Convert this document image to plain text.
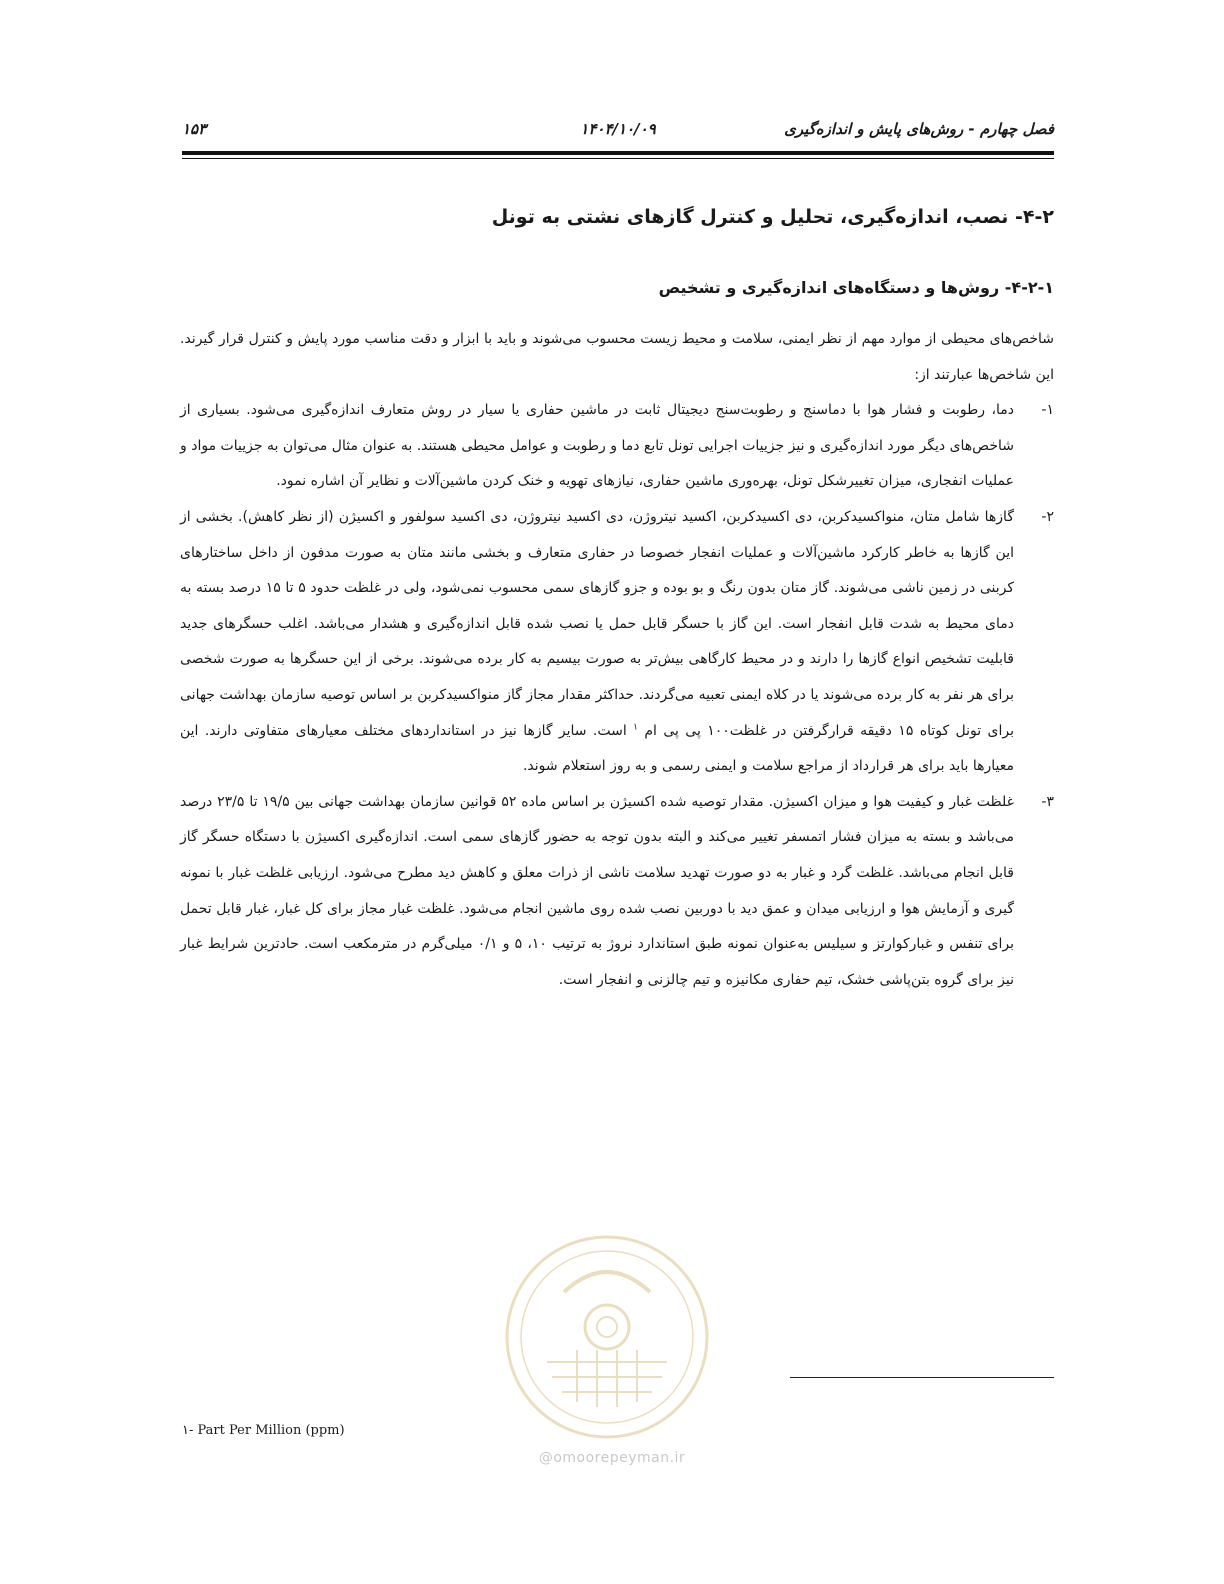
فصل چهارم - روش‌های پایش و اندازه‌گیری
۱۴۰۴/۱۰/۰۹
۱۵۳
۴-۲- نصب، اندازه‌گیری، تحلیل و کنترل گازهای نشتی به تونل
۴-۲-۱- روش‌ها و دستگاه‌های اندازه‌گیری و تشخیص

شاخص‌های محیطی از موارد مهم از نظر ایمنی، سلامت و محیط زیست محسوب می‌شوند و باید با ابزار و دقت مناسب مورد پایش و کنترل قرار گیرند. این شاخص‌ها عبارتند از:

۱-
دما، رطوبت و فشار هوا با دماسنج و رطوبت‌سنج دیجیتال ثابت در ماشین حفاری یا سیار در روش متعارف اندازه‌گیری می‌شود. بسیاری از شاخص‌های دیگر مورد اندازه‌گیری و نیز جزییات اجرایی تونل تابع دما و رطوبت و عوامل محیطی هستند. به عنوان مثال می‌توان به جزییات مواد و عملیات انفجاری، میزان تغییرشکل تونل، بهره‌وری ماشین حفاری، نیازهای تهویه و خنک کردن ماشین‌آلات و نظایر آن اشاره نمود.
۲-
گازها شامل متان، منواکسیدکربن، دی اکسیدکربن، اکسید نیتروژن، دی اکسید نیتروژن، دی اکسید سولفور و اکسیژن (از نظر کاهش). بخشی از این گازها به خاطر کارکرد ماشین‌آلات و عملیات انفجار خصوصا در حفاری متعارف و بخشی مانند متان به صورت مدفون از داخل ساختارهای کربنی در زمین ناشی می‌شوند. گاز متان بدون رنگ و بو بوده و جزو گازهای سمی محسوب نمی‌شود، ولی در غلظت حدود ۵ تا ۱۵ درصد بسته به دمای محیط به شدت قابل انفجار است. این گاز با حسگر قابل حمل یا نصب شده قابل اندازه‌گیری و هشدار می‌باشد. اغلب حسگرهای جدید قابلیت تشخیص انواع گازها را دارند و در محیط کارگاهی بیش‌تر به صورت بیسیم به کار برده می‌شوند. برخی از این حسگرها به صورت شخصی برای هر نفر به کار برده می‌شوند یا در کلاه ایمنی تعبیه می‌گردند. حداکثر مقدار مجاز گاز منواکسیدکربن بر اساس توصیه سازمان بهداشت جهانی برای تونل کوتاه ۱۵ دقیقه قرارگرفتن در غلظت۱۰۰ پی پی ام $^۱$ است. سایر گازها نیز در استانداردهای مختلف معیارهای متفاوتی دارند. این معیارها باید برای هر قرارداد از مراجع سلامت و ایمنی رسمی و به روز استعلام شوند.
۳-
غلظت غبار و کیفیت هوا و میزان اکسیژن. مقدار توصیه شده اکسیژن بر اساس ماده ۵۲ قوانین سازمان بهداشت جهانی بین ۱۹/۵ تا ۲۳/۵ درصد می‌باشد و بسته به میزان فشار اتمسفر تغییر می‌کند و البته بدون توجه به حضور گازهای سمی است. اندازه‌گیری اکسیژن با دستگاه حسگر گاز قابل انجام می‌باشد. غلظت گرد و غبار به دو صورت تهدید سلامت ناشی از ذرات معلق و کاهش دید مطرح می‌شود. ارزیابی غلظت غبار با نمونه گیری و آزمایش هوا و ارزیابی میدان و عمق دید با دوربین نصب شده روی ماشین انجام می‌شود. غلظت غبار مجاز برای کل غبار، غبار قابل تحمل برای تنفس و غبارکوارتز و سیلیس به‌عنوان نمونه طبق استاندارد نروژ به ترتیب ۱۰، ۵ و ۰/۱ میلی‌گرم در مترمکعب است. حادترین شرایط غبار نیز برای گروه بتن‌پاشی خشک، تیم حفاری مکانیزه و تیم چالزنی و انفجار است.
@omoorepeyman.ir
۱- Part Per Million (ppm)
